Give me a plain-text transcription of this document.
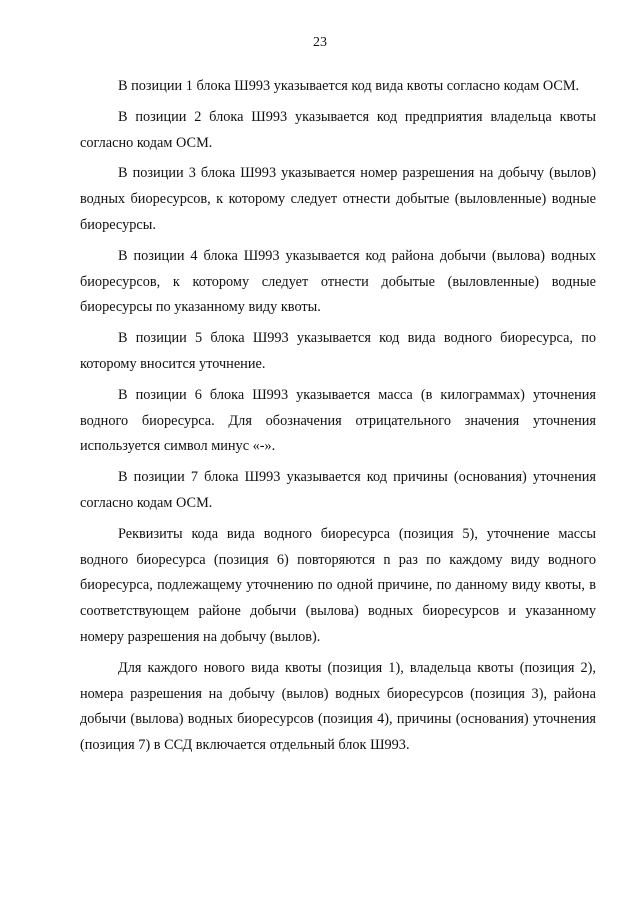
23

В позиции 1 блока Ш993 указывается код вида квоты согласно кодам ОСМ.

В позиции 2 блока Ш993 указывается код предприятия владельца квоты согласно кодам ОСМ.

В позиции 3 блока Ш993 указывается номер разрешения на добычу (вылов) водных биоресурсов, к которому следует отнести добытые (выловленные) водные биоресурсы.

В позиции 4 блока Ш993 указывается код района добычи (вылова) водных биоресурсов, к которому следует отнести добытые (выловленные) водные биоресурсы по указанному виду квоты.

В позиции 5 блока Ш993 указывается код вида водного биоресурса, по которому вносится уточнение.

В позиции 6 блока Ш993 указывается масса (в килограммах) уточнения водного биоресурса. Для обозначения отрицательного значения уточнения используется символ минус «-».

В позиции 7 блока Ш993 указывается код причины (основания) уточнения согласно кодам ОСМ.

Реквизиты кода вида водного биоресурса (позиция 5), уточнение массы водного биоресурса (позиция 6) повторяются n раз по каждому виду водного биоресурса, подлежащему уточнению по одной причине, по данному виду квоты, в соответствующем районе добычи (вылова) водных биоресурсов и указанному номеру разрешения на добычу (вылов).

Для каждого нового вида квоты (позиция 1), владельца квоты (позиция 2), номера разрешения на добычу (вылов) водных биоресурсов (позиция 3), района добычи (вылова) водных биоресурсов (позиция 4), причины (основания) уточнения (позиция 7) в ССД включается отдельный блок Ш993.
